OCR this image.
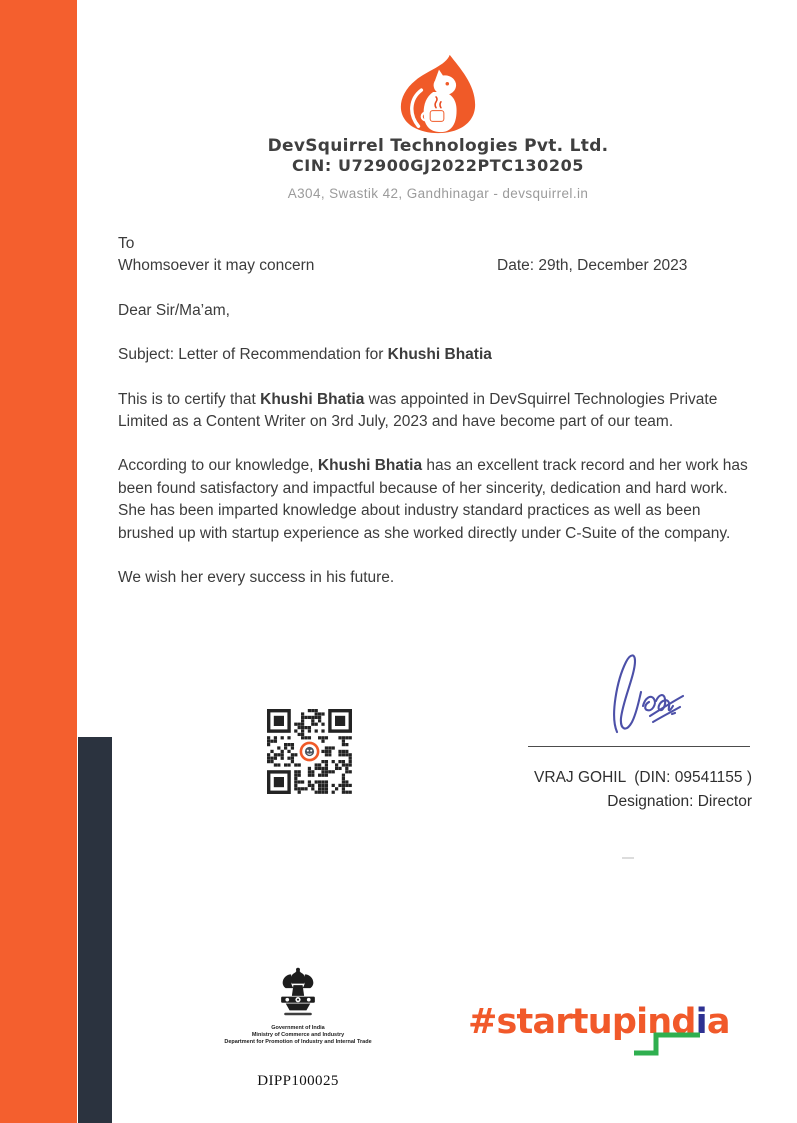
DevSquirrel Technologies Pvt. Ltd.
CIN: U72900GJ2022PTC130205
A304, Swastik 42, Gandhinagar - devsquirrel.in

To
Whomsoever it may concern	Date: 29th, December 2023

Dear Sir/Ma’am,

Subject: Letter of Recommendation for Khushi Bhatia

This is to certify that Khushi Bhatia was appointed in DevSquirrel Technologies Private Limited as a Content Writer on 3rd July, 2023 and have become part of our team.

According to our knowledge, Khushi Bhatia has an excellent track record and her work has been found satisfactory and impactful because of her sincerity, dedication and hard work. She has been imparted knowledge about industry standard practices as well as been brushed up with startup experience as she worked directly under C-Suite of the company.

We wish her every success in his future.

VRAJ GOHIL  (DIN: 09541155 )
Designation: Director
Government of India
Ministry of Commerce and Industry
Department for Promotion of Industry and Internal Trade
DIPP100025
#startupindia
